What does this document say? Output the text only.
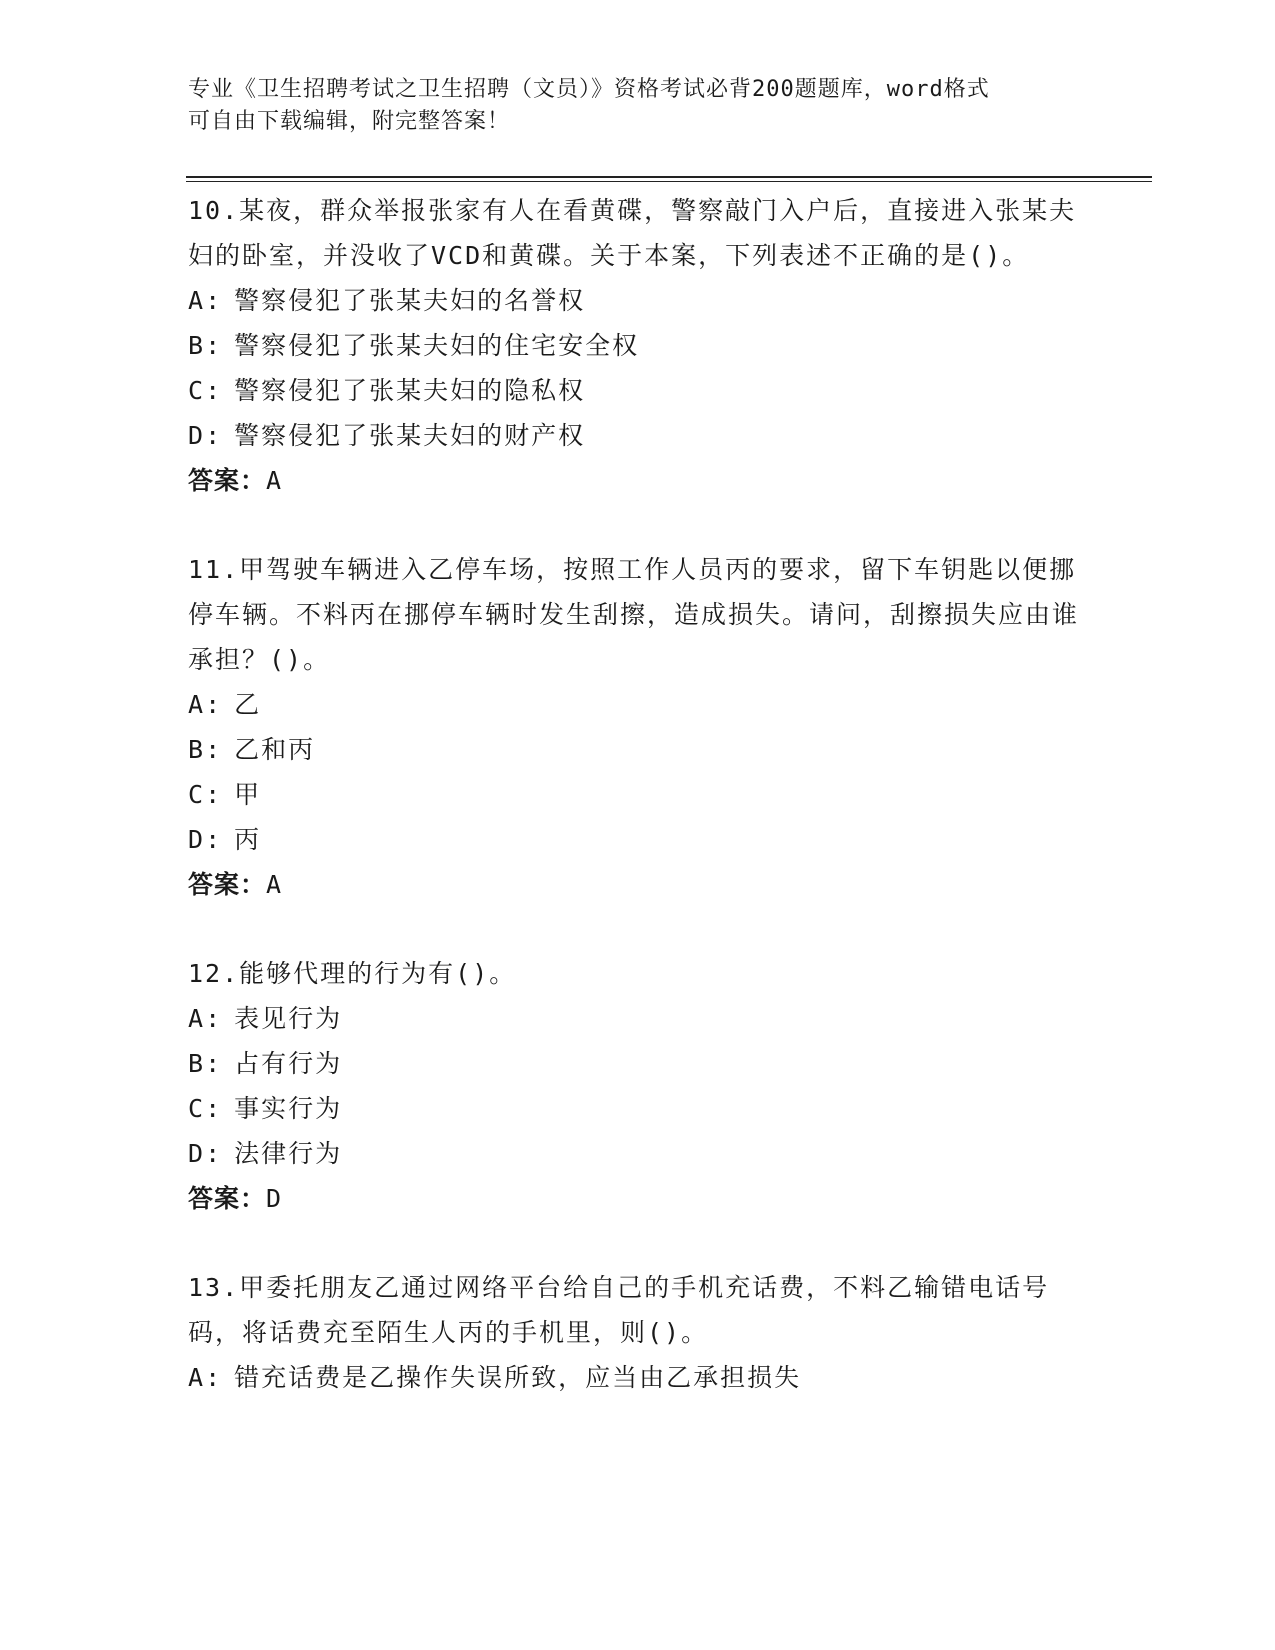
专业《卫生招聘考试之卫生招聘（文员）》资格考试必背200题题库，word格式
可自由下载编辑，附完整答案！

10.某夜，群众举报张家有人在看黄碟，警察敲门入户后，直接进入张某夫妇的卧室，并没收了VCD和黄碟。关于本案，下列表述不正确的是()。

A: 警察侵犯了张某夫妇的名誉权

B: 警察侵犯了张某夫妇的住宅安全权

C: 警察侵犯了张某夫妇的隐私权

D: 警察侵犯了张某夫妇的财产权

答案：A

11.甲驾驶车辆进入乙停车场，按照工作人员丙的要求，留下车钥匙以便挪停车辆。不料丙在挪停车辆时发生刮擦，造成损失。请问，刮擦损失应由谁承担？()。

A: 乙

B: 乙和丙

C: 甲

D: 丙

答案：A

12.能够代理的行为有()。

A: 表见行为

B: 占有行为

C: 事实行为

D: 法律行为

答案：D

13.甲委托朋友乙通过网络平台给自己的手机充话费，不料乙输错电话号码，将话费充至陌生人丙的手机里，则()。

A: 错充话费是乙操作失误所致，应当由乙承担损失
